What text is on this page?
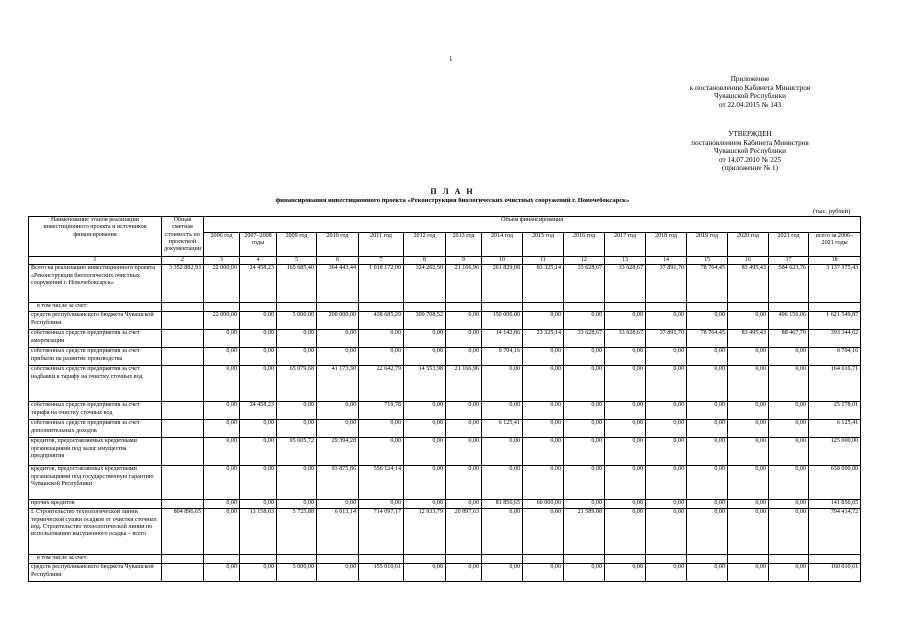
1
Приложение
к постановлению Кабинета Министров
Чувашской Республики
от 22.04.2015 № 143
УТВЕРЖДЕН
постановлением Кабинета Министров
Чувашской Республики
от 14.07.2010 № 225
(приложение № 1)
П Л А Н
финансирования инвестиционного проекта «Реконструкция биологических очистных сооружений г. Новочебоксарск»
(тыс. рублей)
Наименование этапов реализации инвестиционного проекта и источников финансирования	Общая сметная стоимость по проектной документации	Объем финансирования															
		2006 год	2007–2008 годы	2009 год	2010 год	2011 год	2012 год	2013 год	2014 год	2015 год	2016 год	2017 год	2018 год	2019 год	2020 год	2021 год	всего за 2006–2021 годы
1	2	3	4	5	6	7	8	9	10	11	12	13	14	15	16	17	18
Всего на реализацию инвестиционного проекта «Реконструкция биологических очистных сооружений г. Новочебоксарск»	3 352 882,93	22 000,00	24 458,23	165 685,40	364 443,44	1 018 172,00	324 262,50	21 166,96	261 829,08	83 325,14	33 628,67	33 628,67	37 891,70	78 764,45	83 495,43	584 623,76	3 137 375,43
в том числе за счет:																	
средств республиканского бюджета Чувашской Республики		22 000,00	0,00	5 000,00	200 000,00	438 685,29	309 708,52	0,00	150 000,00	0,00	0,00	0,00	0,00	0,00	0,00	496 156,06	1 621 549,87
собственных средств предприятия за счет амортизации		0,00	0,00	0,00	0,00	0,00	0,00	0,00	14 142,86	23 325,14	33 628,67	33 628,67	37 891,70	78 764,45	83 495,43	88 467,70	393 344,62
собственных средств предприятия за счет прибыли на развитие производства		0,00	0,00	0,00	0,00	0,00	0,00	0,00	9 704,16	0,00	0,00	0,00	0,00	0,00	0,00	0,00	9 704,16
собственных средств предприятия за счет надбавки к тарифу на очистку сточных вод		0,00	0,00	65 079,68	41 173,30	22 642,79	14 553,98	21 166,96	0,00	0,00	0,00	0,00	0,00	0,00	0,00	0,00	164 616,71
собственных средств предприятия за счет тарифа на очистку сточных вод		0,00	24 458,23	0,00	0,00	719,78	0,00	0,00	0,00	0,00	0,00	0,00	0,00	0,00	0,00	0,00	25 178,01
собственных средств предприятия за счет дополнительных доходов		0,00	0,00	0,00	0,00	0,00	0,00	0,00	6 125,41	0,00	0,00	0,00	0,00	0,00	0,00	0,00	6 125,41
кредитов, предоставляемых кредитными организациями под залог имущества предприятия		0,00	0,00	95 605,72	29 394,28	0,00	0,00	0,00	0,00	0,00	0,00	0,00	0,00	0,00	0,00	0,00	125 000,00
кредитов, предоставляемых кредитными организациями под государственную гарантию Чувашской Республики		0,00	0,00	0,00	93 875,86	556 124,14	0,00	0,00	0,00	0,00	0,00	0,00	0,00	0,00	0,00	0,00	650 000,00
прочих кредитов		0,00	0,00	0,00	0,00	0,00	0,00	0,00	81 856,65	60 000,00	0,00	0,00	0,00	0,00	0,00	0,00	141 856,65
I. Строительство технологической линии термической сушки осадков от очистки сточных вод. Строительство технологической линии по использованию высушенного осадка – всего	804 896,65	0,00	13 158,03	5 725,88	6 013,14	714 097,17	12 933,79	20 897,63	0,00	0,00	21 589,08	0,00	0,00	0,00	0,00	0,00	794 414,72
в том числе за счет:																	
средств республиканского бюджета Чувашской Республики		0,00	0,00	5 000,00	0,00	155 010,61	0,00	0,00	0,00	0,00	0,00	0,00	0,00	0,00	0,00	0,00	160 010,61
